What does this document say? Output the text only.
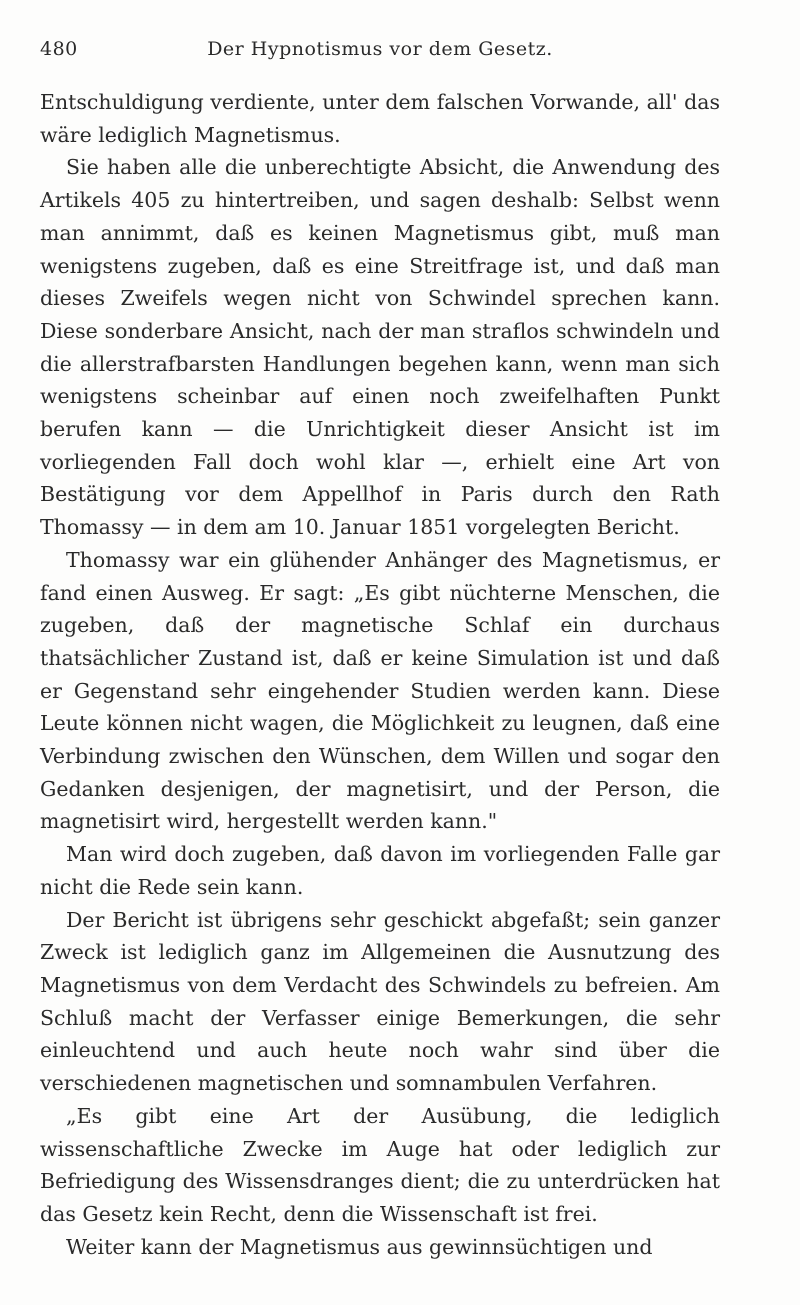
480	Der Hypnotismus vor dem Gesetz.

Entschuldigung verdiente, unter dem falschen Vorwande, all' das wäre lediglich Magnetismus.

Sie haben alle die unberechtigte Absicht, die Anwendung des Artikels 405 zu hintertreiben, und sagen deshalb: Selbst wenn man annimmt, daß es keinen Magnetismus gibt, muß man wenigstens zugeben, daß es eine Streitfrage ist, und daß man dieses Zweifels wegen nicht von Schwindel sprechen kann. Diese sonderbare Ansicht, nach der man straflos schwindeln und die allerstrafbarsten Handlungen begehen kann, wenn man sich wenigstens scheinbar auf einen noch zweifelhaften Punkt berufen kann — die Unrichtigkeit dieser Ansicht ist im vorliegenden Fall doch wohl klar —, erhielt eine Art von Bestätigung vor dem Appellhof in Paris durch den Rath Thomassy — in dem am 10. Januar 1851 vorgelegten Bericht.

Thomassy war ein glühender Anhänger des Magnetismus, er fand einen Ausweg. Er sagt: „Es gibt nüchterne Menschen, die zugeben, daß der magnetische Schlaf ein durchaus thatsächlicher Zustand ist, daß er keine Simulation ist und daß er Gegenstand sehr eingehender Studien werden kann. Diese Leute können nicht wagen, die Möglichkeit zu leugnen, daß eine Verbindung zwischen den Wünschen, dem Willen und sogar den Gedanken desjenigen, der magnetisirt, und der Person, die magnetisirt wird, hergestellt werden kann."

Man wird doch zugeben, daß davon im vorliegenden Falle gar nicht die Rede sein kann.

Der Bericht ist übrigens sehr geschickt abgefaßt; sein ganzer Zweck ist lediglich ganz im Allgemeinen die Ausnutzung des Magnetismus von dem Verdacht des Schwindels zu befreien. Am Schluß macht der Verfasser einige Bemerkungen, die sehr einleuchtend und auch heute noch wahr sind über die verschiedenen magnetischen und somnambulen Verfahren.

„Es gibt eine Art der Ausübung, die lediglich wissenschaftliche Zwecke im Auge hat oder lediglich zur Befriedigung des Wissensdranges dient; die zu unterdrücken hat das Gesetz kein Recht, denn die Wissenschaft ist frei.

Weiter kann der Magnetismus aus gewinnsüchtigen und
